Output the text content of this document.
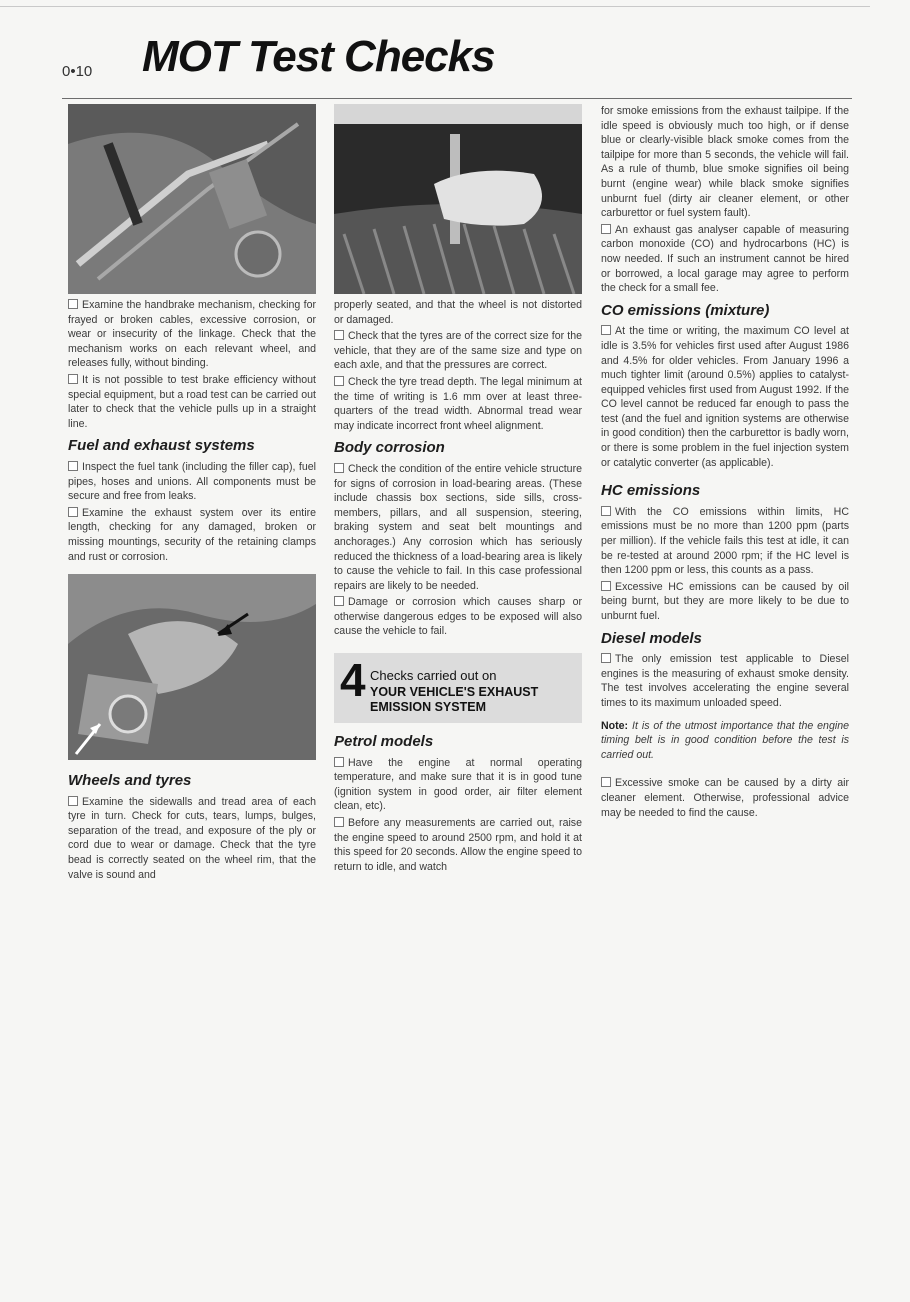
0•10 MOT Test Checks

Examine the handbrake mechanism, checking for frayed or broken cables, excessive corrosion, or wear or insecurity of the linkage. Check that the mechanism works on each relevant wheel, and releases fully, without binding.

It is not possible to test brake efficiency without special equipment, but a road test can be carried out later to check that the vehicle pulls up in a straight line.

Fuel and exhaust systems

Inspect the fuel tank (including the filler cap), fuel pipes, hoses and unions. All components must be secure and free from leaks.

Examine the exhaust system over its entire length, checking for any damaged, broken or missing mountings, security of the retaining clamps and rust or corrosion.

Wheels and tyres

Examine the sidewalls and tread area of each tyre in turn. Check for cuts, tears, lumps, bulges, separation of the tread, and exposure of the ply or cord due to wear or damage. Check that the tyre bead is correctly seated on the wheel rim, that the valve is sound and

properly seated, and that the wheel is not distorted or damaged.

Check that the tyres are of the correct size for the vehicle, that they are of the same size and type on each axle, and that the pressures are correct.

Check the tyre tread depth. The legal minimum at the time of writing is 1.6 mm over at least three-quarters of the tread width. Abnormal tread wear may indicate incorrect front wheel alignment.

Body corrosion

Check the condition of the entire vehicle structure for signs of corrosion in load-bearing areas. (These include chassis box sections, side sills, cross-members, pillars, and all suspension, steering, braking system and seat belt mountings and anchorages.) Any corrosion which has seriously reduced the thickness of a load-bearing area is likely to cause the vehicle to fail. In this case professional repairs are likely to be needed.

Damage or corrosion which causes sharp or otherwise dangerous edges to be exposed will also cause the vehicle to fail.

4 Checks carried out on
YOUR VEHICLE'S EXHAUST
EMISSION SYSTEM
Petrol models

Have the engine at normal operating temperature, and make sure that it is in good tune (ignition system in good order, air filter element clean, etc).

Before any measurements are carried out, raise the engine speed to around 2500 rpm, and hold it at this speed for 20 seconds. Allow the engine speed to return to idle, and watch

for smoke emissions from the exhaust tailpipe. If the idle speed is obviously much too high, or if dense blue or clearly-visible black smoke comes from the tailpipe for more than 5 seconds, the vehicle will fail. As a rule of thumb, blue smoke signifies oil being burnt (engine wear) while black smoke signifies unburnt fuel (dirty air cleaner element, or other carburettor or fuel system fault).

An exhaust gas analyser capable of measuring carbon monoxide (CO) and hydrocarbons (HC) is now needed. If such an instrument cannot be hired or borrowed, a local garage may agree to perform the check for a small fee.

CO emissions (mixture)

At the time or writing, the maximum CO level at idle is 3.5% for vehicles first used after August 1986 and 4.5% for older vehicles. From January 1996 a much tighter limit (around 0.5%) applies to catalyst-equipped vehicles first used from August 1992. If the CO level cannot be reduced far enough to pass the test (and the fuel and ignition systems are otherwise in good condition) then the carburettor is badly worn, or there is some problem in the fuel injection system or catalytic converter (as applicable).

HC emissions

With the CO emissions within limits, HC emissions must be no more than 1200 ppm (parts per million). If the vehicle fails this test at idle, it can be re-tested at around 2000 rpm; if the HC level is then 1200 ppm or less, this counts as a pass.

Excessive HC emissions can be caused by oil being burnt, but they are more likely to be due to unburnt fuel.

Diesel models

The only emission test applicable to Diesel engines is the measuring of exhaust smoke density. The test involves accelerating the engine several times to its maximum unloaded speed.

Note: It is of the utmost importance that the engine timing belt is in good condition before the test is carried out.

Excessive smoke can be caused by a dirty air cleaner element. Otherwise, professional advice may be needed to find the cause.
